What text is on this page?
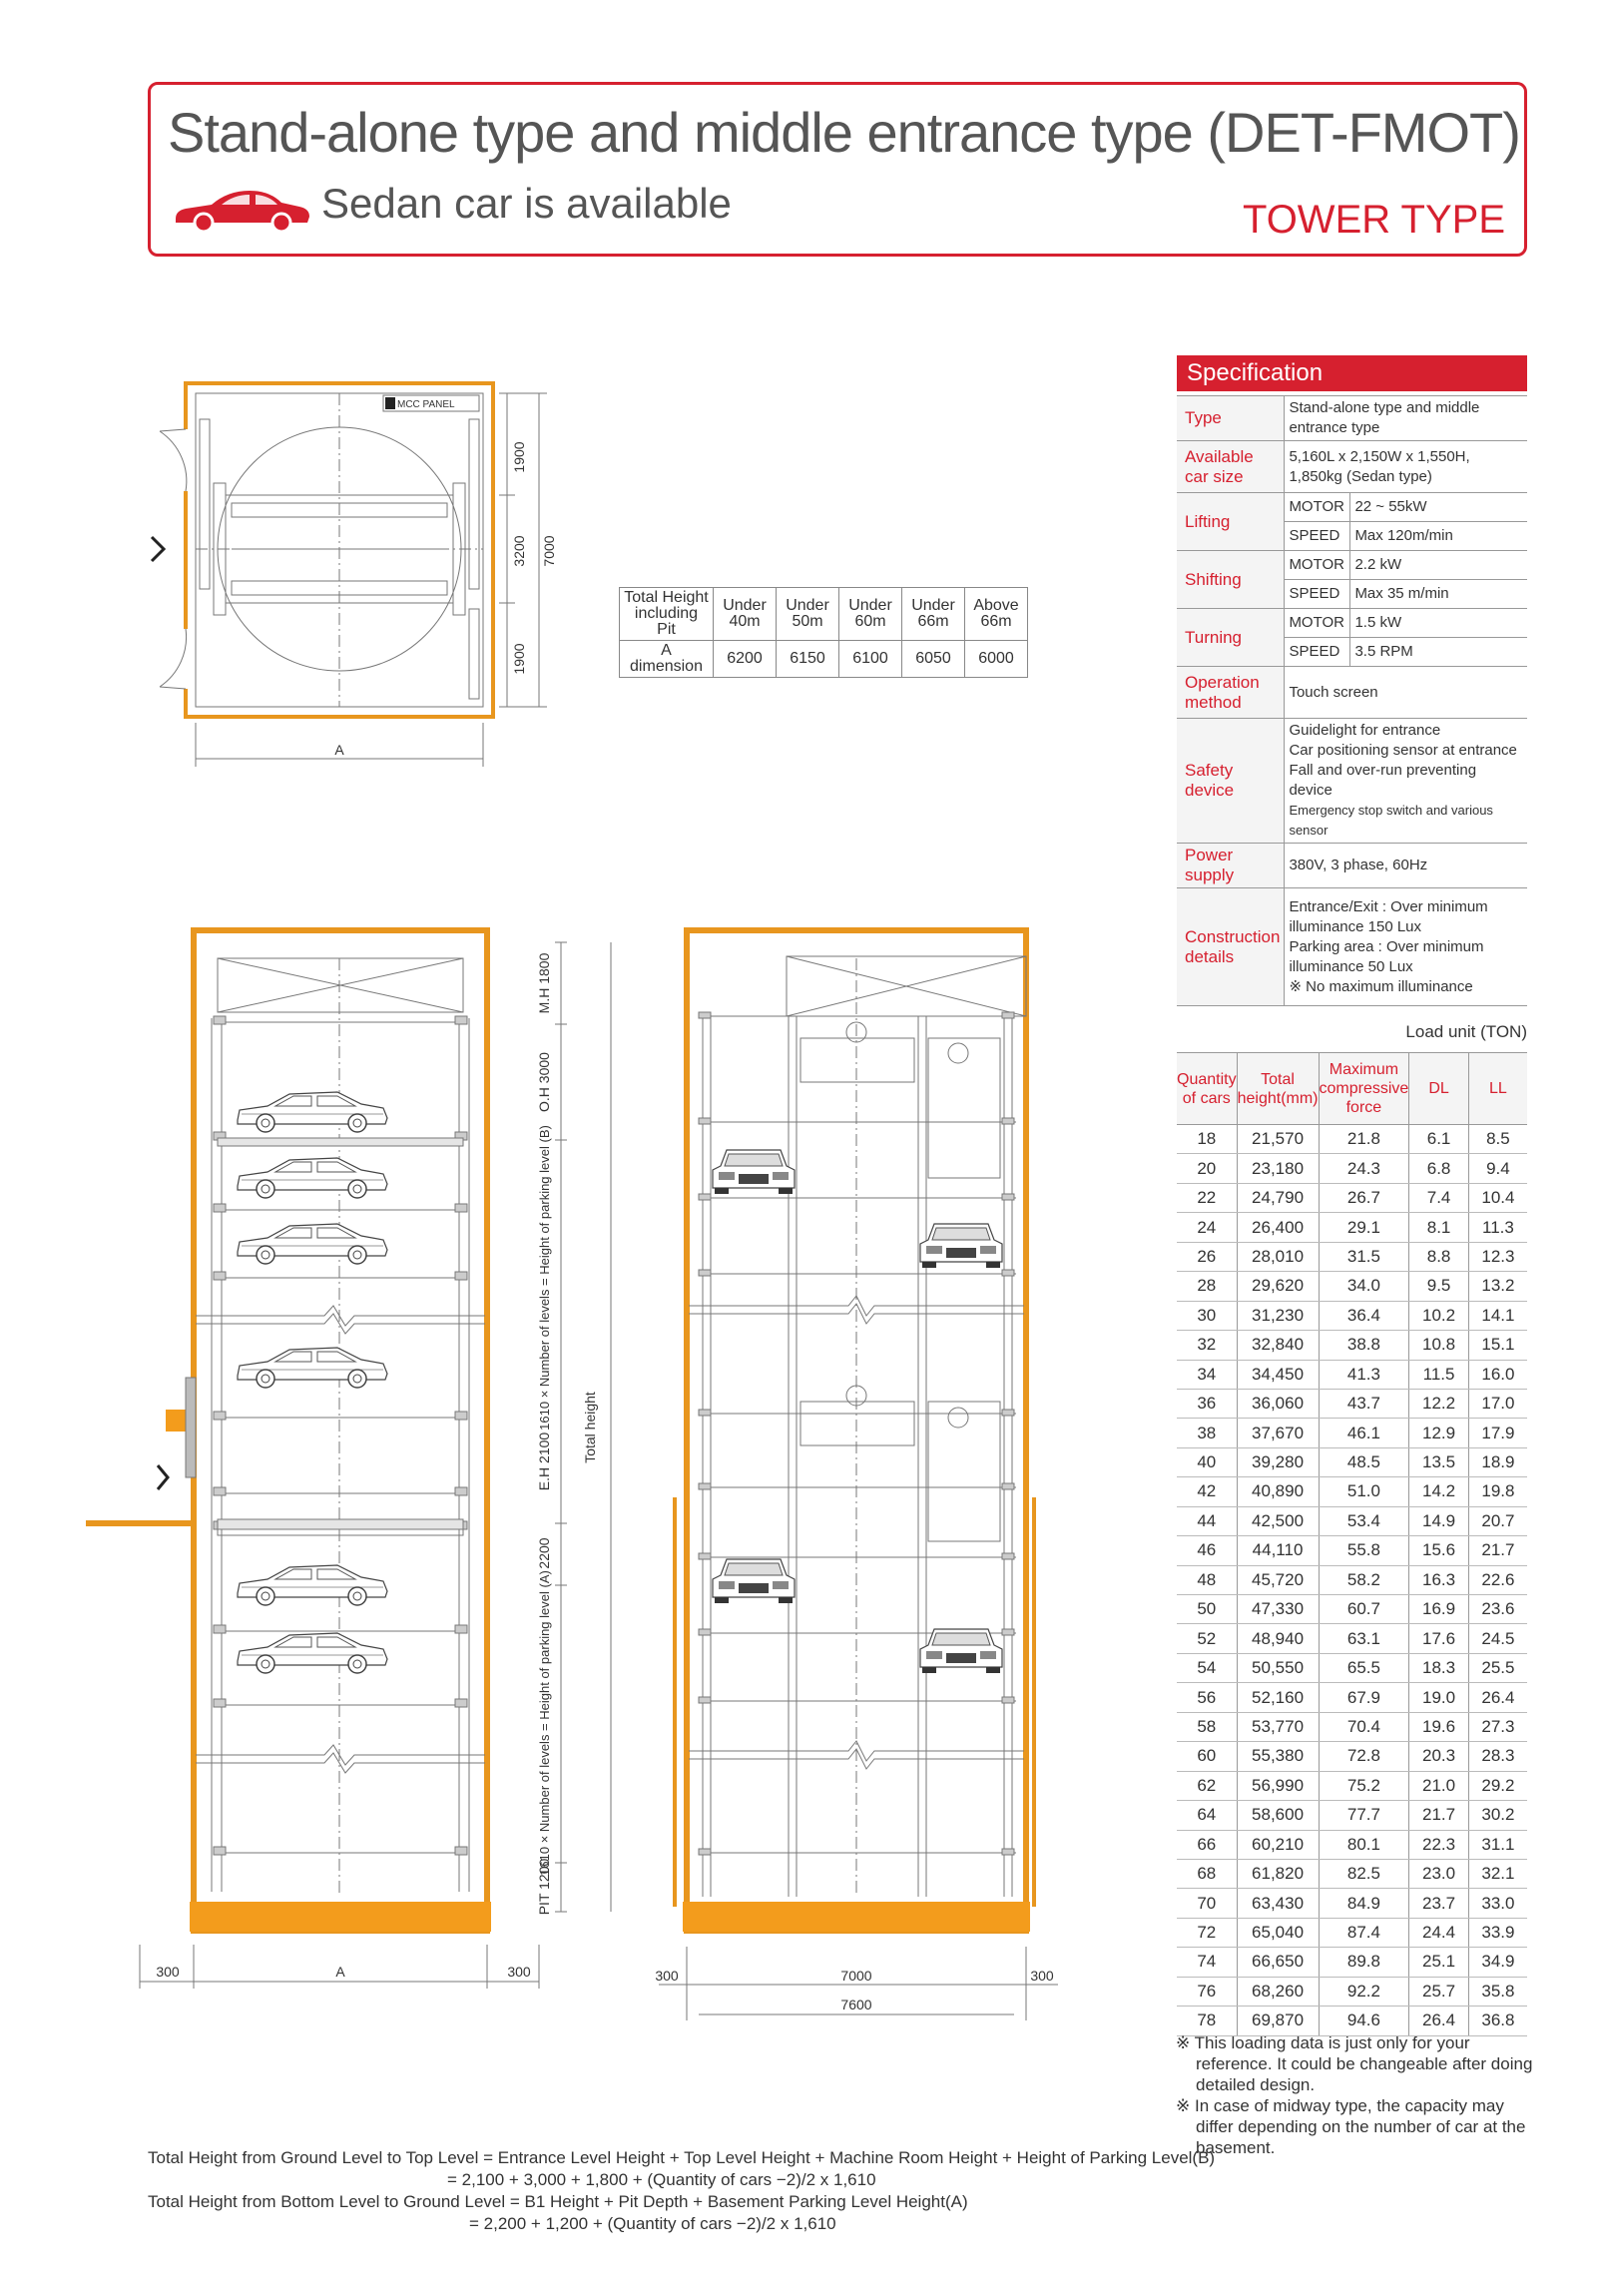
Stand-alone type and middle entrance type (DET-FMOT)
Sedan car is available	TOWER TYPE
MCC PANEL
1900
3200
1900
7000
A
Total Height including Pit	Under 40m	Under 50m	Under 60m	Under 66m	Above 66m
A dimension	6200	6150	6100	6050	6000
M.H 1800
O.H 3000
1610 × Number of levels = Height of parking level (B)
E.H 2100
2200
1610 × Number of levels = Height of parking level (A)
PIT 1200
Total height
300	A	300	300	7000	300
7600
Specification
Type	Stand-alone type and middle entrance type	
Available car size	5,160L x 2,150W x 1,550H, 1,850kg (Sedan type)	
Lifting	MOTOR	22 ~ 55kW
	SPEED	Max 120m/min
Shifting	MOTOR	2.2 kW
	SPEED	Max 35 m/min
Turning	MOTOR	1.5 kW
	SPEED	3.5 RPM
Operation method	Touch screen	
Safety device	Guidelight for entrance
Car positioning sensor at entrance
Fall and over-run preventing device
Emergency stop switch and various sensor	

Power supply	380V, 3 phase, 60Hz	
Construction details	Entrance/Exit : Over minimum illuminance 150 Lux
Parking area : Over minimum illuminance 50 Lux
※ No maximum illuminance	
Load unit (TON)
Quantity of cars	Total height(mm)	Maximum compressive force	DL	LL
18	21,570	21.8	6.1	8.5
20	23,180	24.3	6.8	9.4
22	24,790	26.7	7.4	10.4
24	26,400	29.1	8.1	11.3
26	28,010	31.5	8.8	12.3
28	29,620	34.0	9.5	13.2
30	31,230	36.4	10.2	14.1
32	32,840	38.8	10.8	15.1
34	34,450	41.3	11.5	16.0
36	36,060	43.7	12.2	17.0
38	37,670	46.1	12.9	17.9
40	39,280	48.5	13.5	18.9
42	40,890	51.0	14.2	19.8
44	42,500	53.4	14.9	20.7
46	44,110	55.8	15.6	21.7
48	45,720	58.2	16.3	22.6
50	47,330	60.7	16.9	23.6
52	48,940	63.1	17.6	24.5
54	50,550	65.5	18.3	25.5
56	52,160	67.9	19.0	26.4
58	53,770	70.4	19.6	27.3
60	55,380	72.8	20.3	28.3
62	56,990	75.2	21.0	29.2
64	58,600	77.7	21.7	30.2
66	60,210	80.1	22.3	31.1
68	61,820	82.5	23.0	32.1
70	63,430	84.9	23.7	33.0
72	65,040	87.4	24.4	33.9
74	66,650	89.8	25.1	34.9
76	68,260	92.2	25.7	35.8
78	69,870	94.6	26.4	36.8

※ This loading data is just only for your reference. It could be changeable after doing detailed design.

※ In case of midway type, the capacity may differ depending on the number of car at the basement.

Total Height from Ground Level to Top Level = Entrance Level Height + Top Level Height + Machine Room Height + Height of Parking Level(B)
= 2,100 + 3,000 + 1,800 + (Quantity of cars −2)/2 x 1,610
Total Height from Bottom Level to Ground Level = B1 Height + Pit Depth + Basement Parking Level Height(A)
= 2,200 + 1,200 + (Quantity of cars −2)/2 x 1,610
